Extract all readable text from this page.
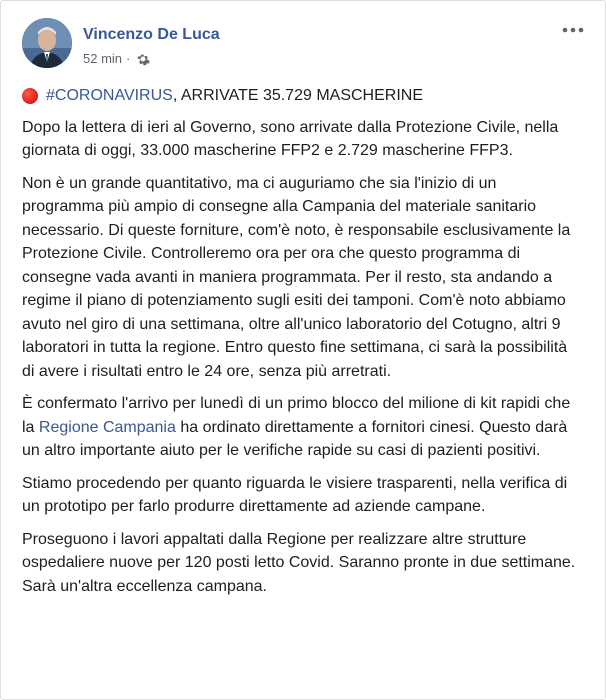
Vincenzo De Luca
52 min ·
#CORONAVIRUS , ARRIVATE 35.729 MASCHERINE

Dopo la lettera di ieri al Governo, sono arrivate dalla Protezione Civile, nella giornata di oggi, 33.000 mascherine FFP2 e 2.729 mascherine FFP3.

Non è un grande quantitativo, ma ci auguriamo che sia l'inizio di un programma più ampio di consegne alla Campania del materiale sanitario necessario. Di queste forniture, com'è noto, è responsabile esclusivamente la Protezione Civile. Controlleremo ora per ora che questo programma di consegne vada avanti in maniera programmata. Per il resto, sta andando a regime il piano di potenziamento sugli esiti dei tamponi. Com'è noto abbiamo avuto nel giro di una settimana, oltre all'unico laboratorio del Cotugno, altri 9 laboratori in tutta la regione. Entro questo fine settimana, ci sarà la possibilità di avere i risultati entro le 24 ore, senza più arretrati.

È confermato l'arrivo per lunedì di un primo blocco del milione di kit rapidi che la Regione Campania ha ordinato direttamente a fornitori cinesi. Questo darà un altro importante aiuto per le verifiche rapide su casi di pazienti positivi.

Stiamo procedendo per quanto riguarda le visiere trasparenti, nella verifica di un prototipo per farlo produrre direttamente ad aziende campane.

Proseguono i lavori appaltati dalla Regione per realizzare altre strutture ospedaliere nuove per 120 posti letto Covid. Saranno pronte in due settimane. Sarà un'altra eccellenza campana.
